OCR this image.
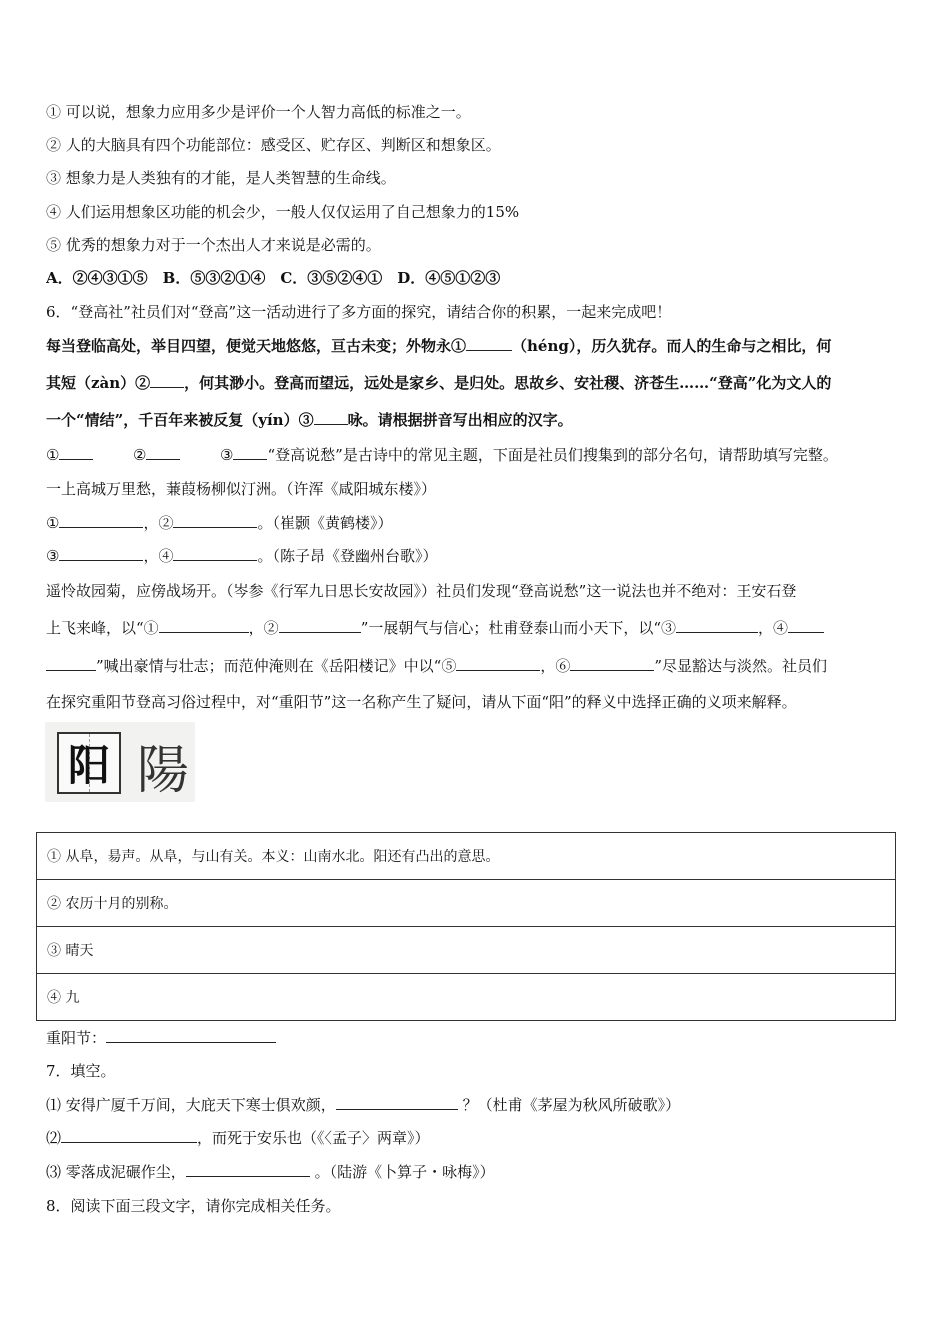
① 可以说，想象力应用多少是评价一个人智力高低的标准之一。
② 人的大脑具有四个功能部位：感受区、贮存区、判断区和想象区。
③ 想象力是人类独有的才能，是人类智慧的生命线。
④ 人们运用想象区功能的机会少，一般人仅仅运用了自己想象力的15%
⑤ 优秀的想象力对于一个杰出人才来说是必需的。
A．②④③①⑤　B．⑤③②①④　C．③⑤②④①　D．④⑤①②③
6．“登高社”社员们对“登高”这一活动进行了多方面的探究，请结合你的积累，一起来完成吧！
每当登临高处，举目四望，便觉天地悠悠，亘古未变；外物永①	（héng），历久犹存。而人的生命与之相比，何
其短（zàn）② ，何其渺小。登高而望远，远处是家乡、是归处。思故乡、安社稷、济苍生……“登高”化为文人的
一个“情结”，千百年来被反复（yín）③ 咏。请根据拼音写出相应的汉字。
①	②	③ “登高说愁”是古诗中的常见主题，下面是社员们搜集到的部分名句，请帮助填写完整。
一上高城万里愁，蒹葭杨柳似汀洲。（许浑《咸阳城东楼》）
①	，②	。（崔颢《黄鹤楼》）
③	，④	。（陈子昂《登幽州台歌》）
遥怜故园菊，应傍战场开。（岑参《行军九日思长安故园》）社员们发现“登高说愁”这一说法也并不绝对：王安石登
上飞来峰，以“①	，②	”一展朝气与信心；杜甫登泰山而小天下，以“③	，④
”喊出豪情与壮志；而范仲淹则在《岳阳楼记》中以“⑤	，⑥	”尽显豁达与淡然。社员们
在探究重阳节登高习俗过程中，对“重阳节”这一名称产生了疑问，请从下面“阳”的释义中选择正确的义项来解释。
阳 陽
① 从阜，昜声。从阜，与山有关。本义：山南水北。阳还有凸出的意思。
② 农历十月的别称。
③ 晴天
④ 九
重阳节：
7．填空。
⑴ 安得广厦千万间，大庇天下寒士俱欢颜，	？（杜甫《茅屋为秋风所破歌》）
⑵	，而死于安乐也（《〈孟子〉两章》）
⑶ 零落成泥碾作尘，	。（陆游《卜算子・咏梅》）
8．阅读下面三段文字，请你完成相关任务。
